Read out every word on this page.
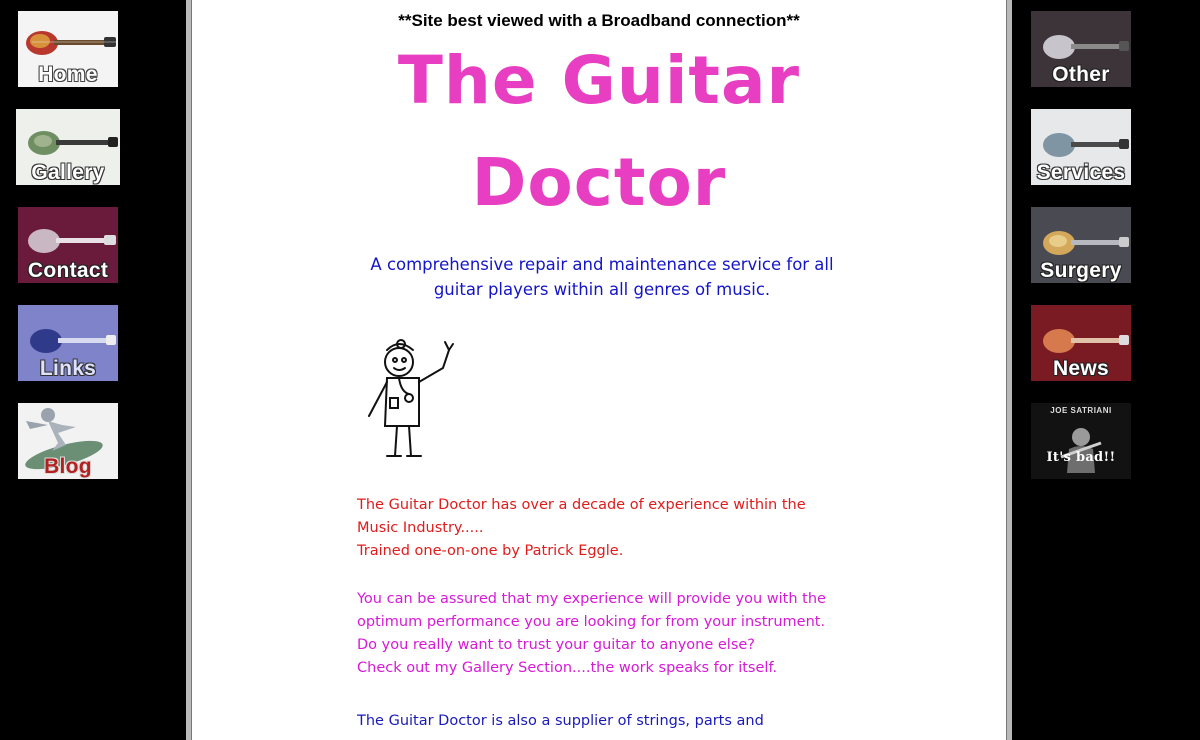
Home
Gallery
Contact
Links
Blog
**Site best viewed with a Broadband connection**
The Guitar
Doctor
A comprehensive repair and maintenance service for all guitar players within all genres of music.

The Guitar Doctor has over a decade of experience within the Music Industry.....

Trained one-on-one by Patrick Eggle.

You can be assured that my experience will provide you with the optimum performance you are looking for from your instrument.

Do you really want to trust your guitar to anyone else?

Check out my Gallery Section....the work speaks for itself.

The Guitar Doctor is also a supplier of strings, parts and

Other
Services
Surgery
News
JOE SATRIANI
It's bad!!
